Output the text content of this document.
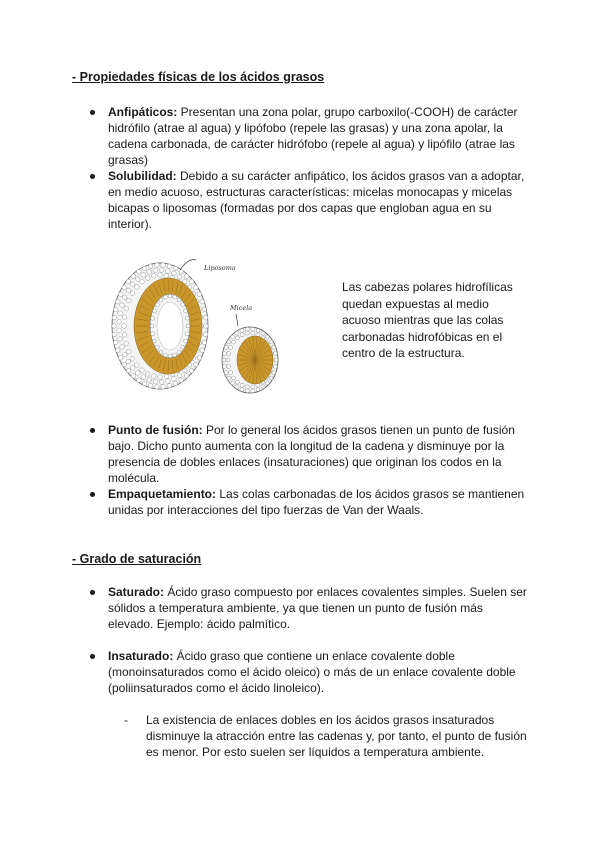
- Propiedades físicas de los ácidos grasos
Anfipáticos: Presentan una zona polar, grupo carboxilo(-COOH) de carácter hidrófilo (atrae al agua) y lipófobo (repele las grasas) y una zona apolar, la cadena carbonada, de carácter hidrófobo (repele al agua) y lipófilo (atrae las grasas)
Solubilidad: Debido a su carácter anfipático, los ácidos grasos van a adoptar, en medio acuoso, estructuras características: micelas monocapas y micelas bicapas o liposomas (formadas por dos capas que engloban agua en su interior).
Liposoma
Micela
Las cabezas polares hidrofílicas quedan expuestas al medio acuoso mientras que las colas carbonadas hidrofóbicas en el centro de la estructura.
Punto de fusión: Por lo general los ácidos grasos tienen un punto de fusión bajo. Dicho punto aumenta con la longitud de la cadena y disminuye por la presencia de dobles enlaces (insaturaciones) que originan los codos en la molécula.
Empaquetamiento: Las colas carbonadas de los ácidos grasos se mantienen unidas por interacciones del tipo fuerzas de Van der Waals.
- Grado de saturación
Saturado: Ácido graso compuesto por enlaces covalentes simples. Suelen ser sólidos a temperatura ambiente, ya que tienen un punto de fusión más elevado. Ejemplo: ácido palmítico.
Insaturado: Ácido graso que contiene un enlace covalente doble (monoinsaturados como el ácido oleico) o más de un enlace covalente doble (poliinsaturados como el ácido linoleico).
-	La existencia de enlaces dobles en los ácidos grasos insaturados disminuye la atracción entre las cadenas y, por tanto, el punto de fusión es menor. Por esto suelen ser líquidos a temperatura ambiente.
